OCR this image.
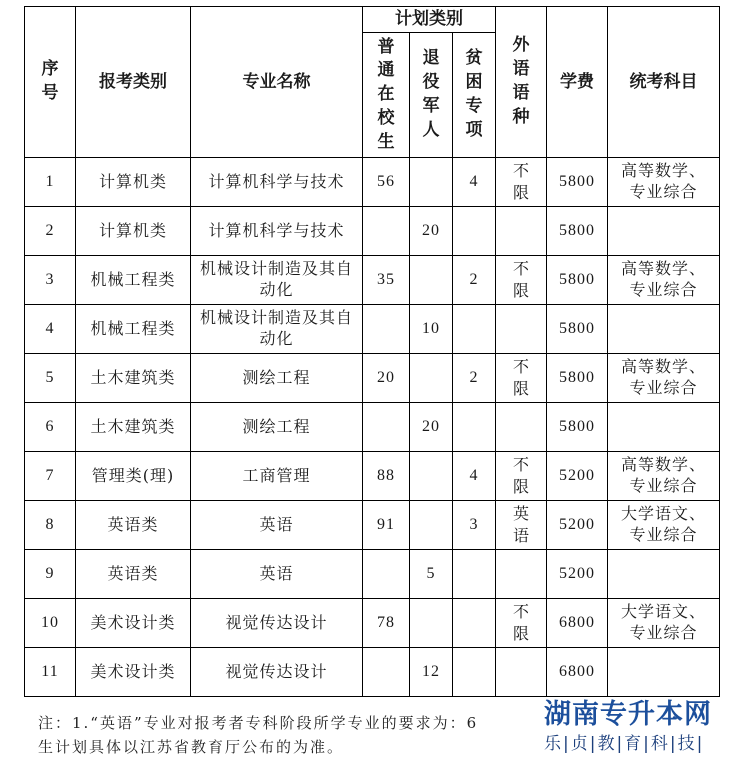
序号	报考类别	专业名称	计划类别			外语语种	学费	统考科目
			普通在校生	退役军人	贫困专项			
1	计算机类	计算机科学与技术	56		4	不限	5800	高等数学、专业综合
2	计算机类	计算机科学与技术		20			5800	
3	机械工程类	机械设计制造及其自动化	35		2	不限	5800	高等数学、专业综合
4	机械工程类	机械设计制造及其自动化		10			5800	
5	土木建筑类	测绘工程	20		2	不限	5800	高等数学、专业综合
6	土木建筑类	测绘工程		20			5800	
7	管理类(理)	工商管理	88		4	不限	5200	高等数学、专业综合
8	英语类	英语	91		3	英语	5200	大学语文、专业综合
9	英语类	英语		5			5200	
10	美术设计类	视觉传达设计	78			不限	6800	大学语文、专业综合
11	美术设计类	视觉传达设计		12			6800	
注：1.“英语”专业对报考者专科阶段所学专业的要求为：6
生计划具体以江苏省教育厅公布的为准。
湖南专升本网
乐|贞|教|育|科|技|
